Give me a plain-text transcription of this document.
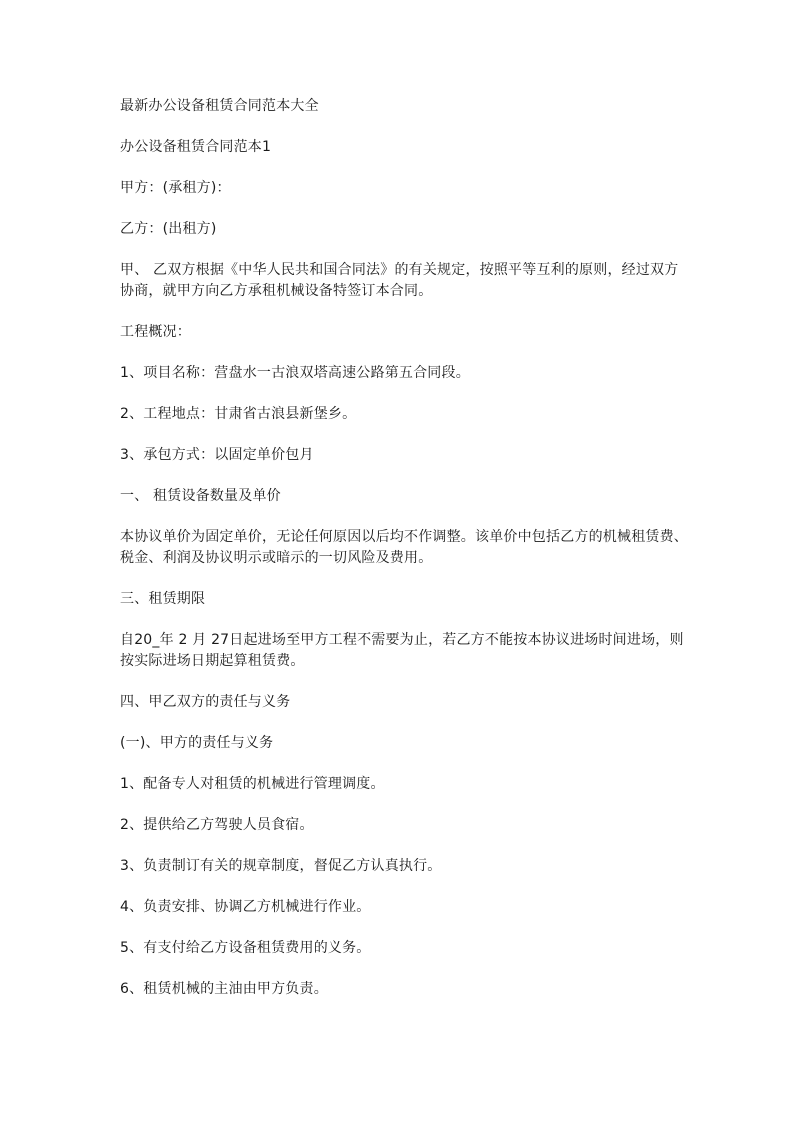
最新办公设备租赁合同范本大全

办公设备租赁合同范本1

甲方：(承租方)：

乙方：(出租方)

甲、 乙双方根据《中华人民共和国合同法》的有关规定，按照平等互利的原则，经过双方协商，就甲方向乙方承租机械设备特签订本合同。

工程概况：

1、项目名称：营盘水一古浪双塔高速公路第五合同段。

2、工程地点：甘肃省古浪县新堡乡。

3、承包方式：以固定单价包月

一、 租赁设备数量及单价

本协议单价为固定单价，无论任何原因以后均不作调整。该单价中包括乙方的机械租赁费、税金、利润及协议明示或暗示的一切风险及费用。

三、租赁期限

自20_年 2 月 27日起进场至甲方工程不需要为止，若乙方不能按本协议进场时间进场，则按实际进场日期起算租赁费。

四、甲乙双方的责任与义务

(一)、甲方的责任与义务

1、配备专人对租赁的机械进行管理调度。

2、提供给乙方驾驶人员食宿。

3、负责制订有关的规章制度，督促乙方认真执行。

4、负责安排、协调乙方机械进行作业。

5、有支付给乙方设备租赁费用的义务。

6、租赁机械的主油由甲方负责。
